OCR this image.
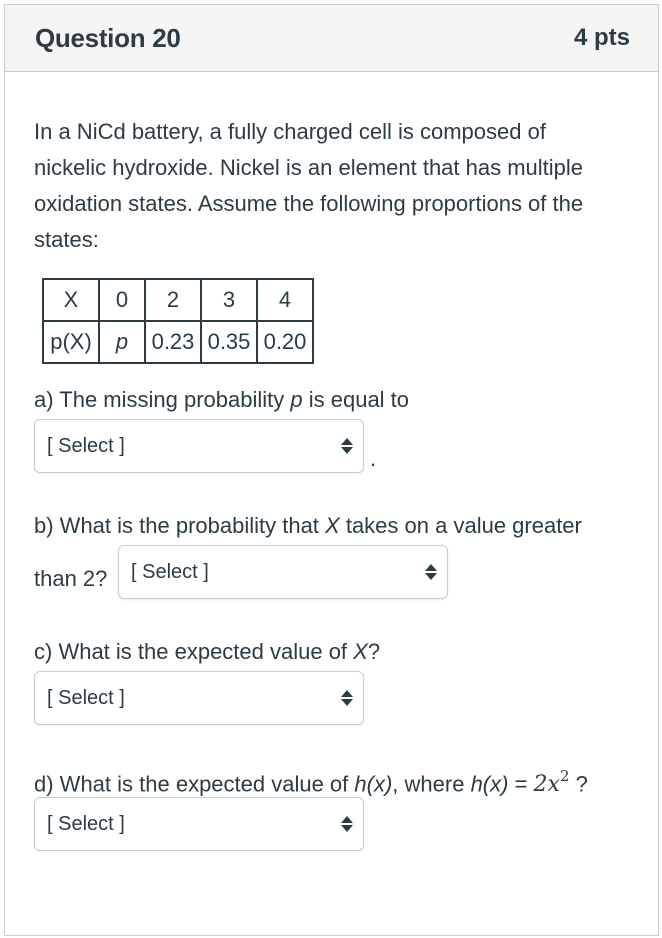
Question 20	4 pts

In a NiCd battery, a fully charged cell is composed of nickelic hydroxide. Nickel is an element that has multiple oxidation states. Assume the following proportions of the states:

X	0	2	3	4
p(X)	p	0.23	0.35	0.20
a) The missing probability p is equal to
[ Select ]	.
b) What is the probability that X takes on a value greater
than 2? [ Select ]
c) What is the expected value of X?
[ Select ]
d) What is the expected value of h(x), where $h(x) = 2x^2$ ?
[ Select ]
